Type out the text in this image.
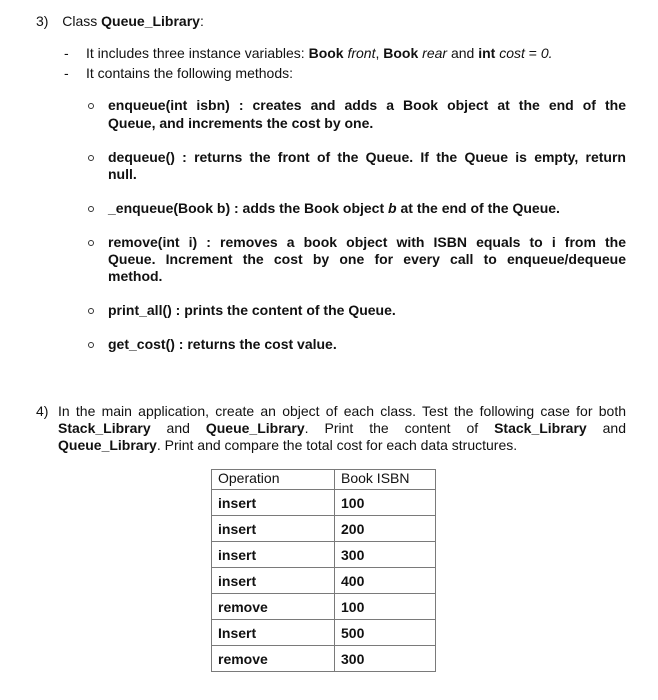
3) Class Queue_Library:
- It includes three instance variables: Book front, Book rear and int cost = 0.
- It contains the following methods:
enqueue(int isbn) : creates and adds a Book object at the end of the
Queue, and increments the cost by one.
dequeue() : returns the front of the Queue. If the Queue is empty, return
null.
_enqueue(Book b) : adds the Book object b at the end of the Queue.
remove(int i) : removes a book object with ISBN equals to i from the
Queue. Increment the cost by one for every call to enqueue/dequeue
method.
print_all() : prints the content of the Queue.
get_cost() : returns the cost value.
4) In the main application, create an object of each class. Test the following case for both
Stack_Library and Queue_Library. Print the content of Stack_Library and
Queue_Library. Print and compare the total cost for each data structures.
Operation	Book ISBN
insert	100
insert	200
insert	300
insert	400
remove	100
Insert	500
remove	300
